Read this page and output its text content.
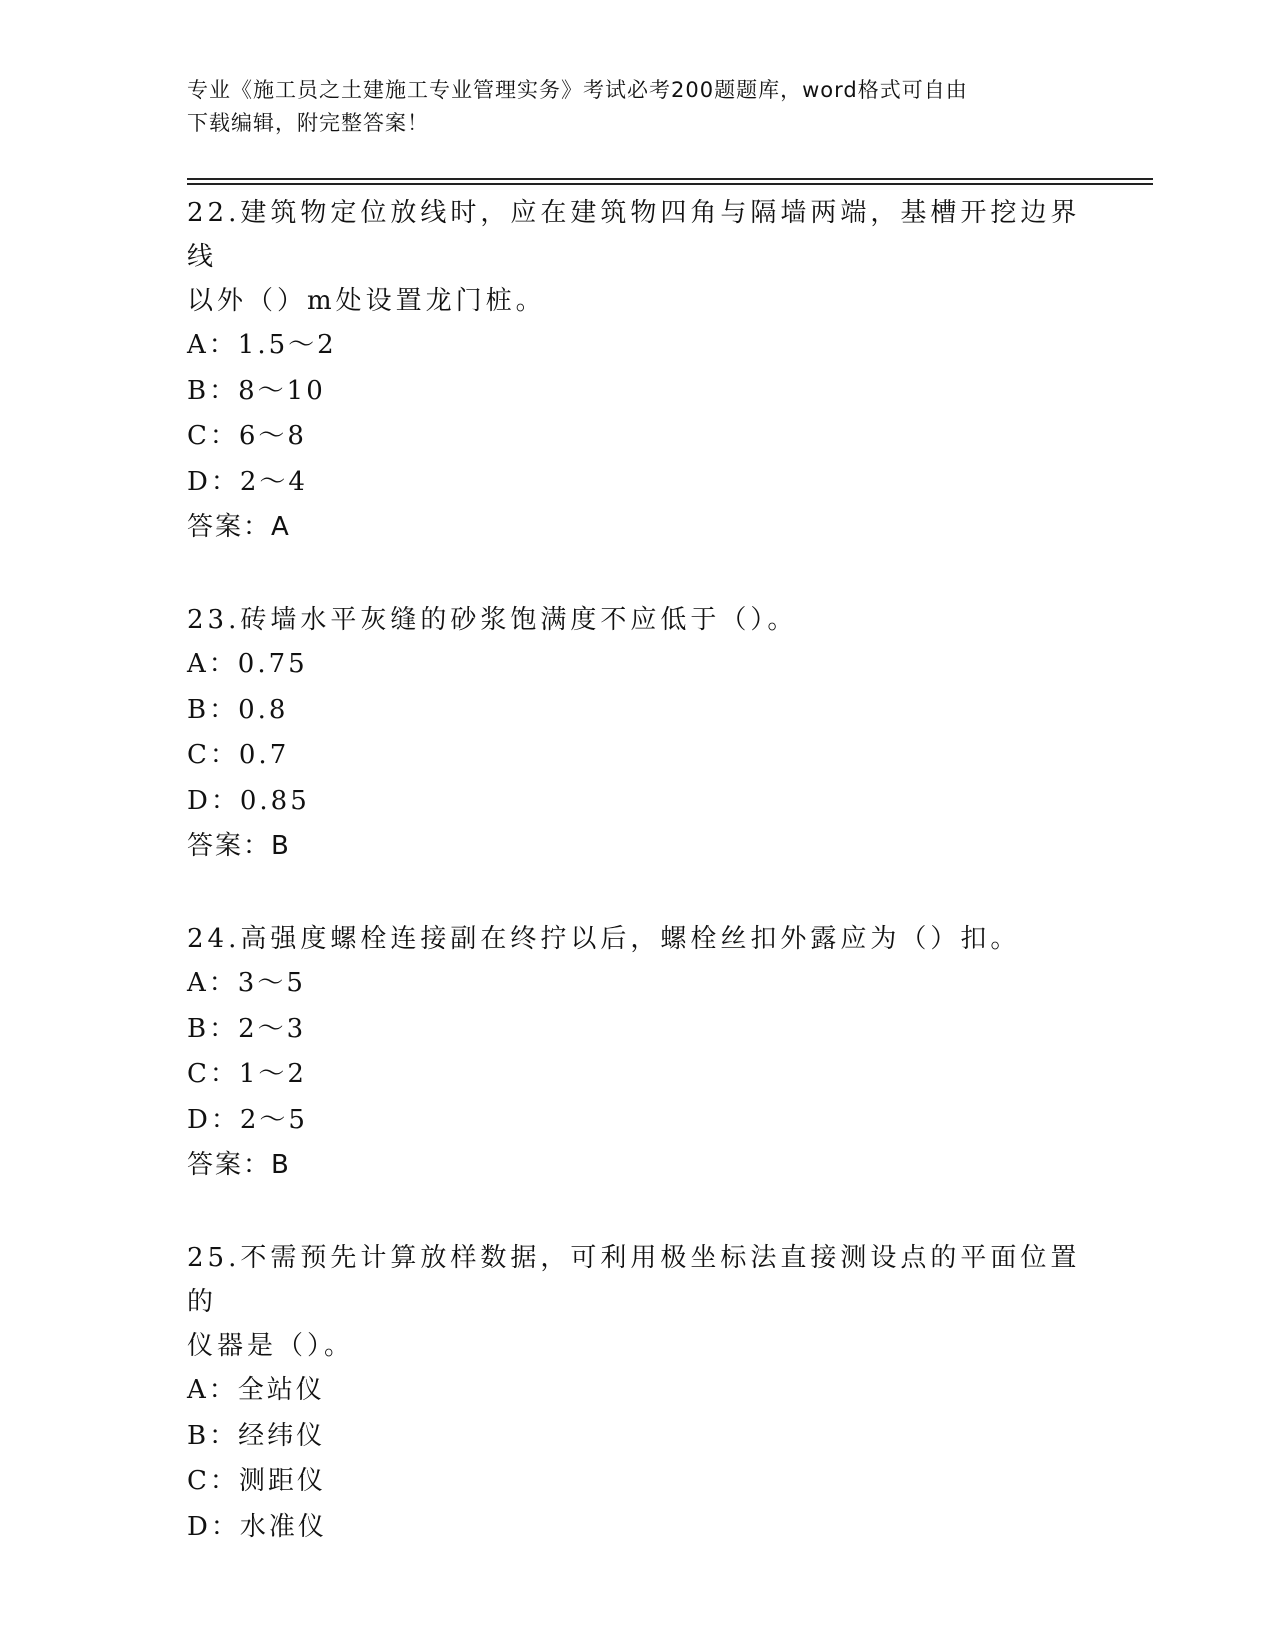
专业《施工员之土建施工专业管理实务》考试必考200题题库，word格式可自由
下载编辑，附完整答案！
22.建筑物定位放线时，应在建筑物四角与隔墙两端，基槽开挖边界线
以外（）m处设置龙门桩。
A：1.5～2
B：8～10
C：6～8
D：2～4
答案：A
23.砖墙水平灰缝的砂浆饱满度不应低于（）。
A：0.75
B：0.8
C：0.7
D：0.85
答案：B
24.高强度螺栓连接副在终拧以后，螺栓丝扣外露应为（）扣。
A：3～5
B：2～3
C：1～2
D：2～5
答案：B
25.不需预先计算放样数据，可利用极坐标法直接测设点的平面位置的
仪器是（）。
A：全站仪
B：经纬仪
C：测距仪
D：水准仪
